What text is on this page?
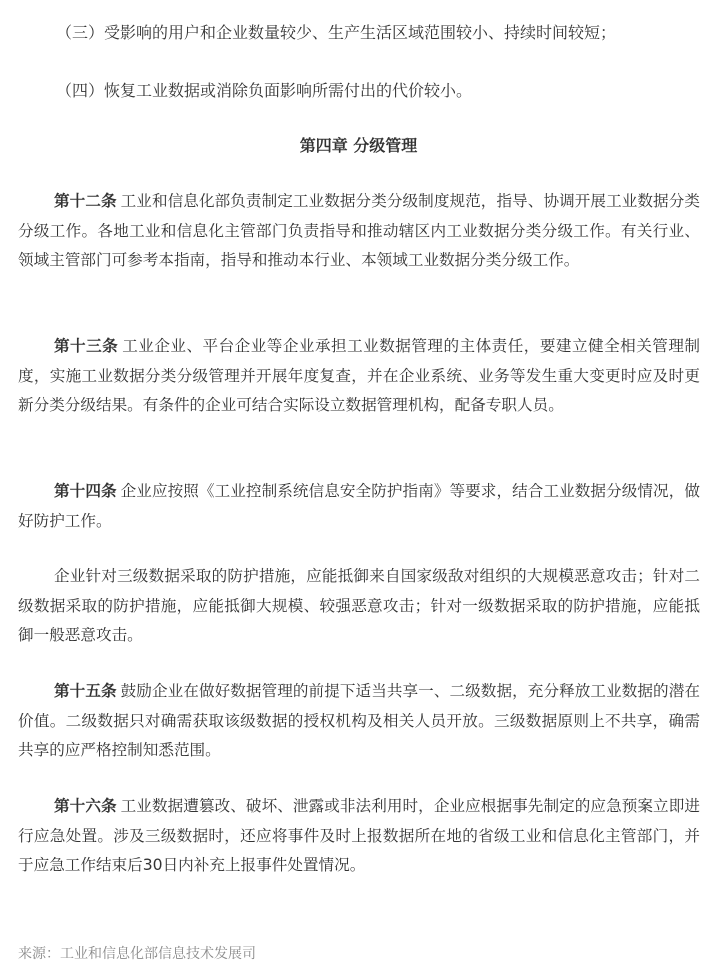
（三）受影响的用户和企业数量较少、生产生活区域范围较小、持续时间较短；
（四）恢复工业数据或消除负面影响所需付出的代价较小。
第四章 分级管理

第十二条 工业和信息化部负责制定工业数据分类分级制度规范，指导、协调开展工业数据分类分级工作。各地工业和信息化主管部门负责指导和推动辖区内工业数据分类分级工作。有关行业、领域主管部门可参考本指南，指导和推动本行业、本领域工业数据分类分级工作。

第十三条 工业企业、平台企业等企业承担工业数据管理的主体责任，要建立健全相关管理制度，实施工业数据分类分级管理并开展年度复查，并在企业系统、业务等发生重大变更时应及时更新分类分级结果。有条件的企业可结合实际设立数据管理机构，配备专职人员。

第十四条 企业应按照《工业控制系统信息安全防护指南》等要求，结合工业数据分级情况，做好防护工作。

企业针对三级数据采取的防护措施，应能抵御来自国家级敌对组织的大规模恶意攻击；针对二级数据采取的防护措施，应能抵御大规模、较强恶意攻击；针对一级数据采取的防护措施，应能抵御一般恶意攻击。

第十五条 鼓励企业在做好数据管理的前提下适当共享一、二级数据，充分释放工业数据的潜在价值。二级数据只对确需获取该级数据的授权机构及相关人员开放。三级数据原则上不共享，确需共享的应严格控制知悉范围。

第十六条 工业数据遭篡改、破坏、泄露或非法利用时，企业应根据事先制定的应急预案立即进行应急处置。涉及三级数据时，还应将事件及时上报数据所在地的省级工业和信息化主管部门，并于应急工作结束后30日内补充上报事件处置情况。

来源：工业和信息化部信息技术发展司
